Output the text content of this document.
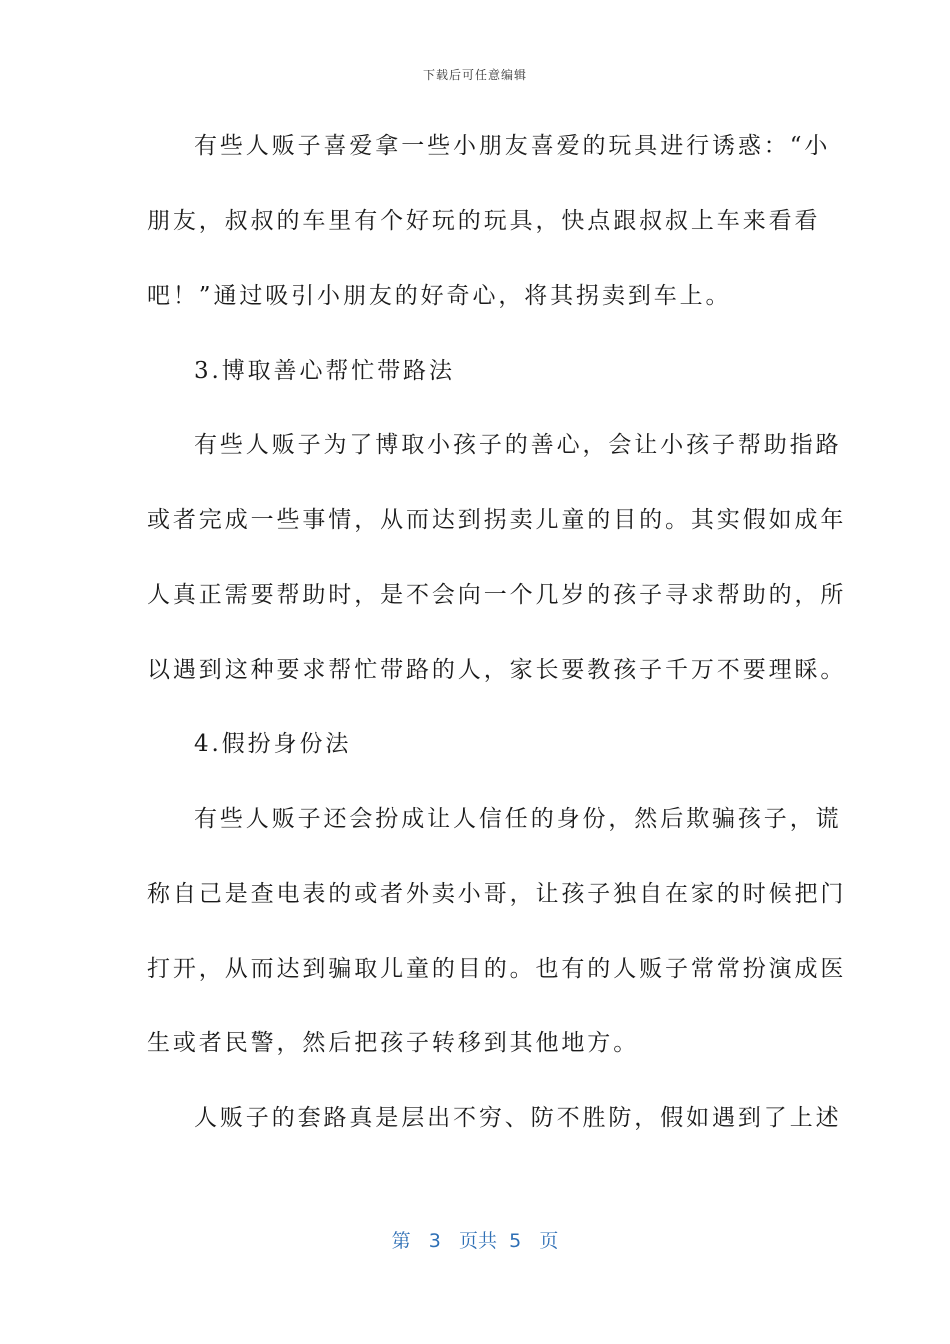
下载后可任意编辑
有些人贩子喜爱拿一些小朋友喜爱的玩具进行诱惑：“小
朋友，叔叔的车里有个好玩的玩具，快点跟叔叔上车来看看
吧！”通过吸引小朋友的好奇心，将其拐卖到车上。
3.博取善心帮忙带路法
有些人贩子为了博取小孩子的善心，会让小孩子帮助指路
或者完成一些事情，从而达到拐卖儿童的目的。其实假如成年
人真正需要帮助时，是不会向一个几岁的孩子寻求帮助的，所
以遇到这种要求帮忙带路的人，家长要教孩子千万不要理睬。
4.假扮身份法
有些人贩子还会扮成让人信任的身份，然后欺骗孩子，谎
称自己是查电表的或者外卖小哥，让孩子独自在家的时候把门
打开，从而达到骗取儿童的目的。也有的人贩子常常扮演成医
生或者民警，然后把孩子转移到其他地方。
人贩子的套路真是层出不穷、防不胜防，假如遇到了上述
第 3 页共 5 页
